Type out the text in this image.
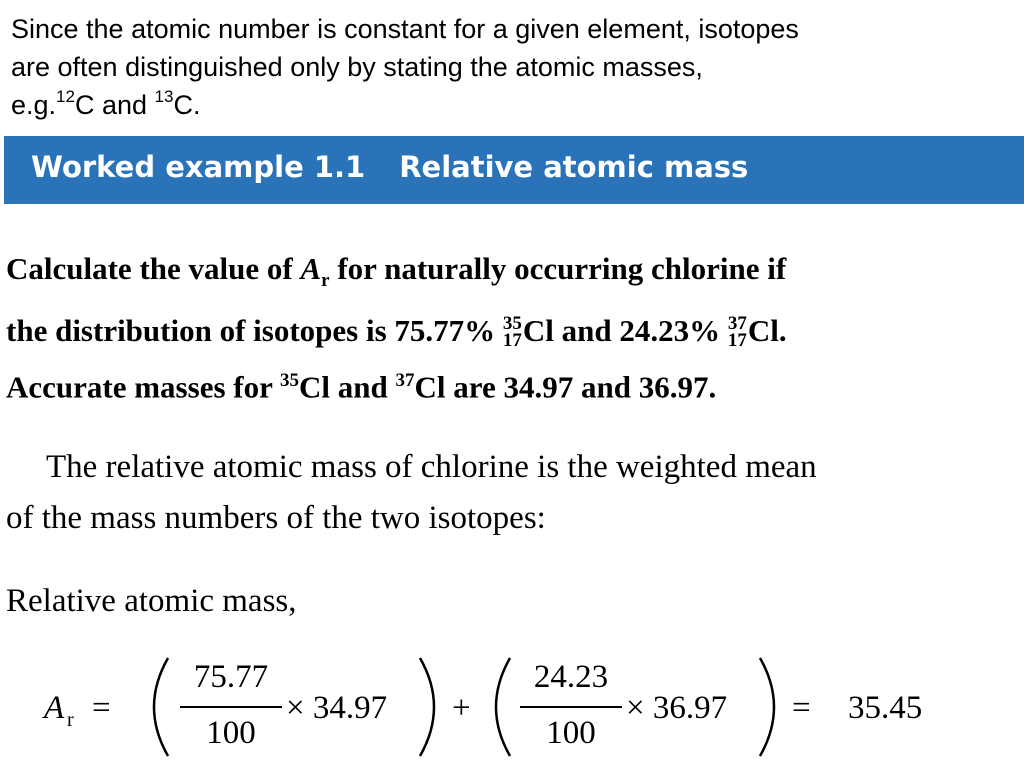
Since the atomic number is constant for a given element, isotopes
are often distinguished only by stating the atomic masses,
e.g.$^{12}$C and $^{13}$C.
Worked example 1.1 Relative atomic mass
Calculate the value of $A_r$ for naturally occurring chlorine if
the distribution of isotopes is 75.77% 35
17 Cl and 24.23% 37
17 Cl.
Accurate masses for $^{35}$Cl and $^{37}$Cl are 34.97 and 36.97.
The relative atomic mass of chlorine is the weighted mean
of the mass numbers of the two isotopes:
Relative atomic mass,
A r =
75.77
100
× 34.97 +
24.23
100
× 36.97 = 35.45
